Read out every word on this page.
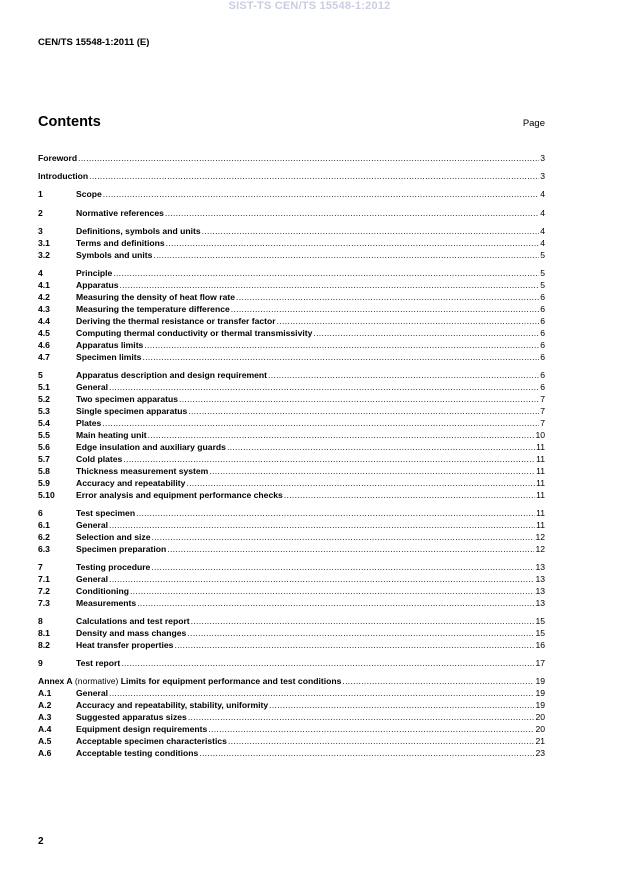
SIST-TS CEN/TS 15548-1:2012
CEN/TS 15548-1:2011 (E)
Contents	Page
Foreword .....	3
Introduction .....	3
1	Scope .....	4
2	Normative references .....	4
3	Definitions, symbols and units .....	4
3.1	Terms and definitions .....	4
3.2	Symbols and units .....	5
4	Principle .....	5
4.1	Apparatus .....	5
4.2	Measuring the density of heat flow rate .....	6
4.3	Measuring the temperature difference .....	6
4.4	Deriving the thermal resistance or transfer factor .....	6
4.5	Computing thermal conductivity or thermal transmissivity .....	6
4.6	Apparatus limits .....	6
4.7	Specimen limits .....	6
5	Apparatus description and design requirement .....	6
5.1	General .....	6
5.2	Two specimen apparatus .....	7
5.3	Single specimen apparatus .....	7
5.4	Plates .....	7
5.5	Main heating unit .....	10
5.6	Edge insulation and auxiliary guards .....	11
5.7	Cold plates .....	11
5.8	Thickness measurement system .....	11
5.9	Accuracy and repeatability .....	11
5.10	Error analysis and equipment performance checks .....	11
6	Test specimen .....	11
6.1	General .....	11
6.2	Selection and size .....	12
6.3	Specimen preparation .....	12
7	Testing procedure .....	13
7.1	General .....	13
7.2	Conditioning .....	13
7.3	Measurements .....	13
8	Calculations and test report .....	15
8.1	Density and mass changes .....	15
8.2	Heat transfer properties .....	16
9	Test report .....	17
Annex A (normative) Limits for equipment performance and test conditions .....	19
A.1	General .....	19
A.2	Accuracy and repeatability, stability, uniformity .....	19
A.3	Suggested apparatus sizes .....	20
A.4	Equipment design requirements .....	20
A.5	Acceptable specimen characteristics .....	21
A.6	Acceptable testing conditions .....	23
2
